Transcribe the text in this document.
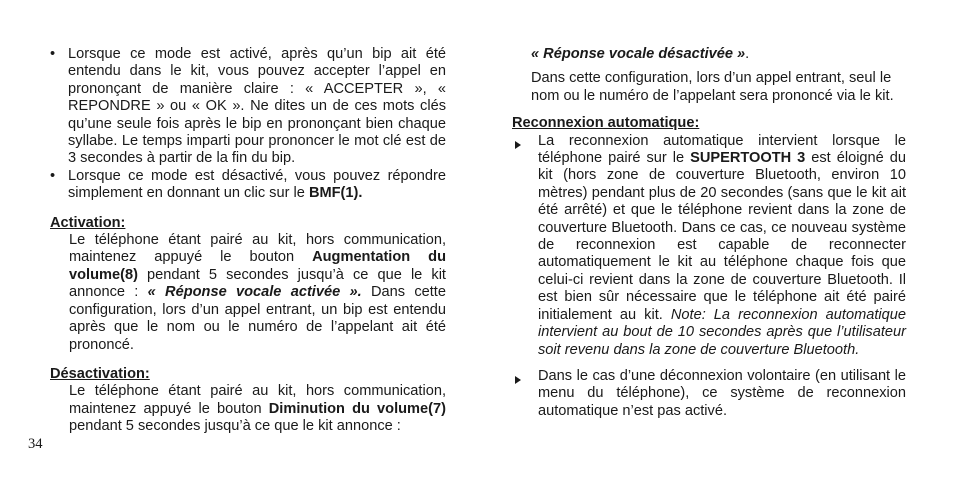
• Lorsque ce mode est activé, après qu’un bip ait été entendu dans le kit, vous pouvez accepter l’appel en prononçant de manière claire : « ACCEPTER », « REPONDRE » ou « OK ». Ne dites un de ces mots clés qu’une seule fois après le bip en prononçant bien chaque syllabe. Le temps imparti pour prononcer le mot clé est de 3 secondes à partir de la fin du bip.

• Lorsque ce mode est désactivé, vous pouvez répondre simplement en donnant un clic sur le BMF(1).

Activation:

Le téléphone étant pairé au kit, hors communication, maintenez appuyé le bouton Augmentation du volume(8) pendant 5 secondes jusqu’à ce que le kit annonce : « Réponse vocale activée ». Dans cette configuration, lors d’un appel entrant, un bip est entendu après que le nom ou le numéro de l’appelant ait été prononcé.

Désactivation:

Le téléphone étant pairé au kit, hors communication, maintenez appuyé le bouton Diminution du volume(7) pendant 5 secondes jusqu’à ce que le kit annonce :

« Réponse vocale désactivée ».

Dans cette configuration, lors d’un appel entrant, seul le nom ou le numéro de l’appelant sera prononcé via le kit.

Reconnexion automatique:

La reconnexion automatique intervient lorsque le téléphone pairé sur le SUPERTOOTH 3 est éloigné du kit (hors zone de couverture Bluetooth, environ 10 mètres) pendant plus de 20 secondes (sans que le kit ait été arrêté) et que le téléphone revient dans la zone de couverture Bluetooth. Dans ce cas, ce nouveau système de reconnexion est capable de reconnecter automatiquement le kit au téléphone chaque fois que celui-ci revient dans la zone de couverture Bluetooth. Il est bien sûr nécessaire que le téléphone ait été pairé initialement au kit. Note: La reconnexion automatique intervient au bout de 10 secondes après que l’utilisateur soit revenu dans la zone de couverture Bluetooth.

Dans le cas d’une déconnexion volontaire (en utilisant le menu du téléphone), ce système de reconnexion automatique n’est pas activé.

34
